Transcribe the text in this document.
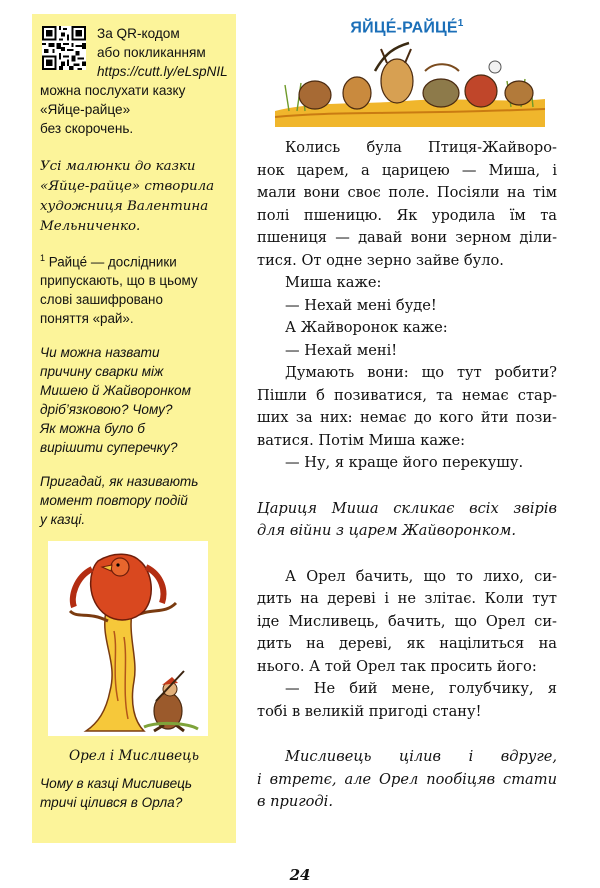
За QR-кодом
або покликанням
https://cutt.ly/eLspNIL
можна послухати казку
«Яйце-райце»
без скорочень.
Усі малюнки до казки
«Яйце-райце» створила
художниця Валентина
Мельниченко.
$^1$ Райце́ — дослідники
припускають, що в цьому
слові зашифровано
поняття «рай».
Чи можна назвати
причину сварки між
Мишею й Жайворонком
дріб’язковою? Чому?
Як можна було б
вирішити суперечку?
Пригадай, як називають
момент повтору подій
у казці.
Орел і Мисливець
Чому в казці Мисливець
тричі цілився в Орла?
ЯЙЦЕ́-РАЙЦЕ́$^1$

Колись була Птиця-Жайворо-

нок царем, а царицею — Миша, і

мали вони своє поле. Посіяли на тім

полі пшеницю. Як уродила їм та

пшениця — давай вони зерном діли-

тися. От одне зерно зайве було.

Миша каже:

— Нехай мені буде!

А Жайворонок каже:

— Нехай мені!

Думають вони: що тут робити?

Пішли б позиватися, та немає стар-

ших за них: немає до кого йти пози-

ватися. Потім Миша каже:

— Ну, я краще його перекушу.

Цариця Миша скликає всіх звірів

для війни з царем Жайворонком.

А Орел бачить, що то лихо, си-

дить на дереві і не злітає. Коли тут

іде Мисливець, бачить, що Орел си-

дить на дереві, як націлиться на

нього. А той Орел так просить його:

— Не бий мене, голубчику, я

тобі в великій пригоді стану!

Мисливець цілив і вдруге,

і втретє, але Орел пообіцяв стати

в пригоді.

24
